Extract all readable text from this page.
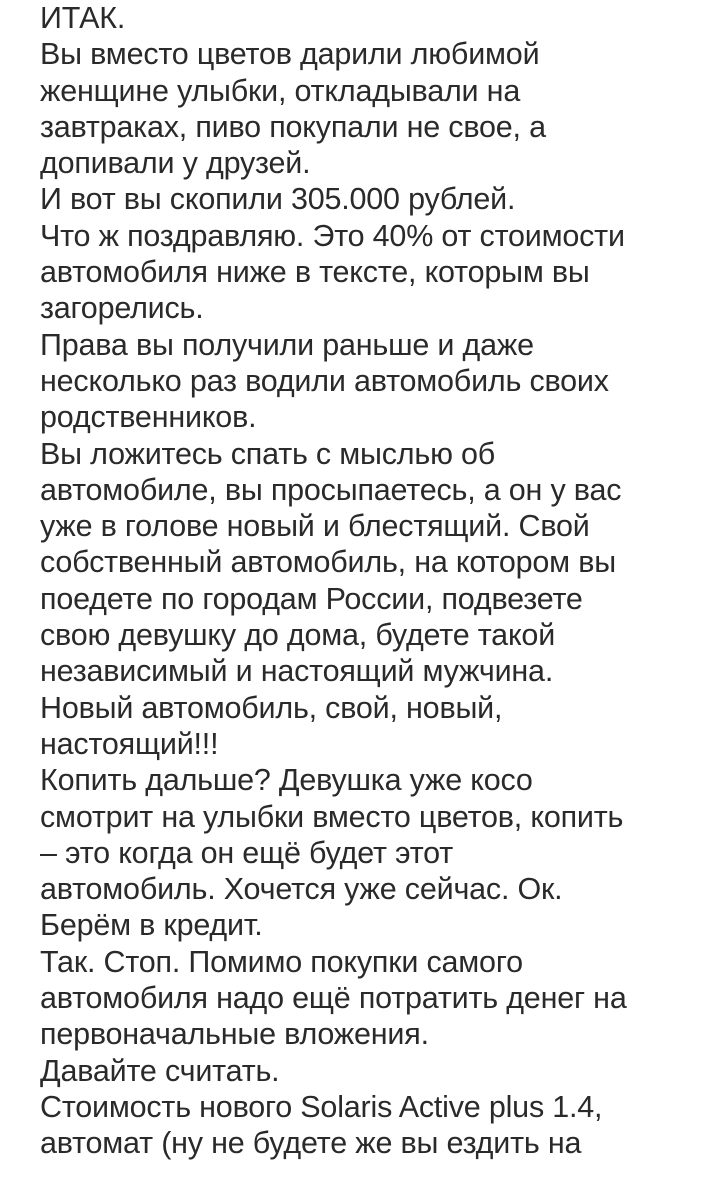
ИТАК.
Вы вместо цветов дарили любимой
женщине улыбки, откладывали на
завтраках, пиво покупали не свое, а
допивали у друзей.
И вот вы скопили 305.000 рублей.
Что ж поздравляю. Это 40% от стоимости
автомобиля ниже в тексте, которым вы
загорелись.
Права вы получили раньше и даже
несколько раз водили автомобиль своих
родственников.
Вы ложитесь спать с мыслью об
автомобиле, вы просыпаетесь, а он у вас
уже в голове новый и блестящий. Свой
собственный автомобиль, на котором вы
поедете по городам России, подвезете
свою девушку до дома, будете такой
независимый и настоящий мужчина.
Новый автомобиль, свой, новый,
настоящий!!!
Копить дальше? Девушка уже косо
смотрит на улыбки вместо цветов, копить
– это когда он ещё будет этот
автомобиль. Хочется уже сейчас. Ок.
Берём в кредит.
Так. Стоп. Помимо покупки самого
автомобиля надо ещё потратить денег на
первоначальные вложения.
Давайте считать.
Стоимость нового Solaris Active plus 1.4,
автомат (ну не будете же вы ездить на
